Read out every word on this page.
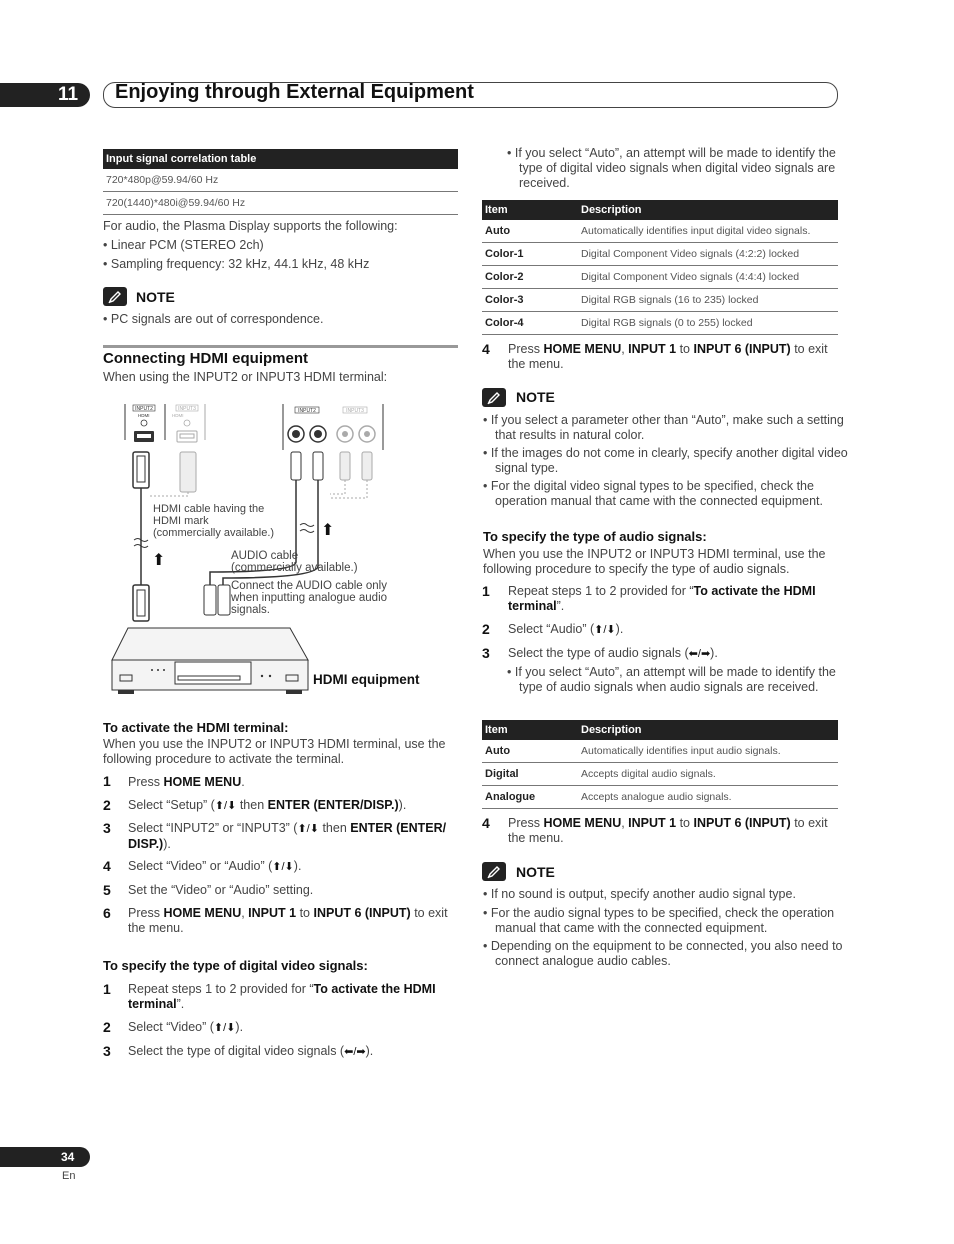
11 Enjoying through External Equipment
Input signal correlation table
720*480p@59.94/60 Hz
720(1440)*480i@59.94/60 Hz
For audio, the Plasma Display supports the following:
• Linear PCM (STEREO 2ch)
• Sampling frequency: 32 kHz, 44.1 kHz, 48 kHz
NOTE
• PC signals are out of correspondence.
Connecting HDMI equipment
When using the INPUT2 or INPUT3 HDMI terminal:
INPUT2
HDMI
INPUT3
HDMI
INPUT2	INPUT3
⬆
⬆
HDMI cable having the
HDMI mark
(commercially available.)
AUDIO cable
(commercially available.)
Connect the AUDIO cable only
when inputting analogue audio
signals.
HDMI equipment
To activate the HDMI terminal:
When you use the INPUT2 or INPUT3 HDMI terminal, use the following procedure to activate the terminal.
1 Press HOME MENU.
2 Select “Setup” (⬆/⬇ then ENTER (ENTER/DISP.)).
3 Select “INPUT2” or “INPUT3” (⬆/⬇ then ENTER (ENTER/ DISP.)).
4 Select “Video” or “Audio” (⬆/⬇).
5 Set the “Video” or “Audio” setting.
6 Press HOME MENU, INPUT 1 to INPUT 6 (INPUT) to exit the menu.
To specify the type of digital video signals:
1 Repeat steps 1 to 2 provided for “To activate the HDMI terminal”.
2 Select “Video” (⬆/⬇).
3 Select the type of digital video signals (⬅/➡).
• If you select “Auto”, an attempt will be made to identify the type of digital video signals when digital video signals are received.
Item	Description
Auto	Automatically identifies input digital video signals.
Color-1	Digital Component Video signals (4:2:2) locked
Color-2	Digital Component Video signals (4:4:4) locked
Color-3	Digital RGB signals (16 to 235) locked
Color-4	Digital RGB signals (0 to 255) locked
4 Press HOME MENU, INPUT 1 to INPUT 6 (INPUT) to exit the menu.
NOTE
• If you select a parameter other than “Auto”, make such a setting that results in natural color.
• If the images do not come in clearly, specify another digital video signal type.
• For the digital video signal types to be specified, check the operation manual that came with the connected equipment.
To specify the type of audio signals:
When you use the INPUT2 or INPUT3 HDMI terminal, use the following procedure to specify the type of audio signals.
1 Repeat steps 1 to 2 provided for “To activate the HDMI terminal”.
2 Select “Audio” (⬆/⬇).
3 Select the type of audio signals (⬅/➡).
• If you select “Auto”, an attempt will be made to identify the type of audio signals when audio signals are received.
Item	Description
Auto	Automatically identifies input audio signals.
Digital	Accepts digital audio signals.
Analogue	Accepts analogue audio signals.
4 Press HOME MENU, INPUT 1 to INPUT 6 (INPUT) to exit the menu.
NOTE
• If no sound is output, specify another audio signal type.
• For the audio signal types to be specified, check the operation manual that came with the connected equipment.
• Depending on the equipment to be connected, you also need to connect analogue audio cables.
34
En
